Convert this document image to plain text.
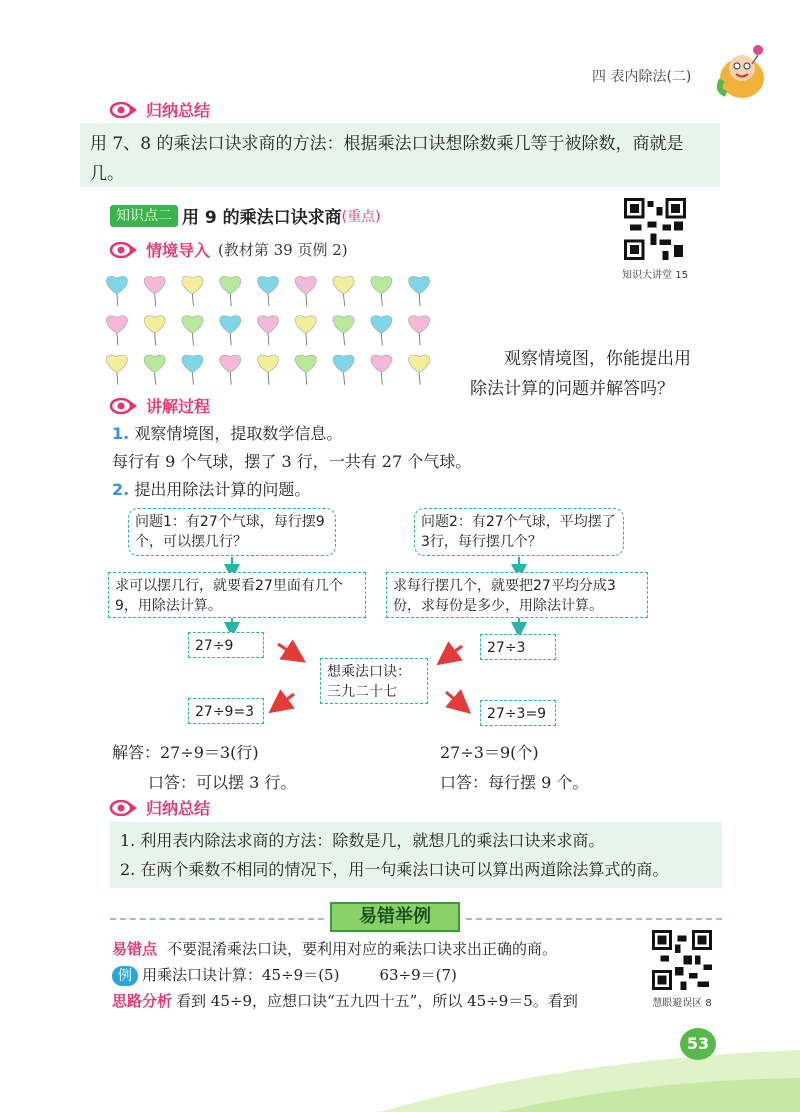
四 表内除法(二)
归纳总结
用 7、8 的乘法口诀求商的方法：根据乘法口诀想除数乘几等于被除数，商就是几。
知识点二 用 9 的乘法口诀求商 (重点)
知识大讲堂 15
情境导入 (教材第 39 页例 2)
观察情境图，你能提出用除法计算的问题并解答吗？
讲解过程
1. 观察情境图，提取数学信息。
每行有 9 个气球，摆了 3 行，一共有 27 个气球。
2. 提出用除法计算的问题。
问题1：有27个气球，每行摆9个，可以摆几行？
问题2：有27个气球，平均摆了3行，每行摆几个？
求可以摆几行，就要看27里面有几个9，用除法计算。
求每行摆几个，就要把27平均分成3份，求每份是多少，用除法计算。
27÷9	27÷3
想乘法口诀：三九二十七
27÷9=3	27÷3=9
解答：27÷9＝3(行)
口答：可以摆 3 行。
27÷3＝9(个)
口答：每行摆 9 个。
归纳总结
1. 利用表内除法求商的方法：除数是几，就想几的乘法口诀来求商。
2. 在两个乘数不相同的情况下，用一句乘法口诀可以算出两道除法算式的商。
易错举例
易错点 不要混淆乘法口诀，要利用对应的乘法口诀求出正确的商。
例 用乘法口诀计算：45÷9＝(5)	63÷9＝(7)
思路分析 看到 45÷9，应想口诀“五九四十五”，所以 45÷9＝5。看到	慧眼避误区 8
53
